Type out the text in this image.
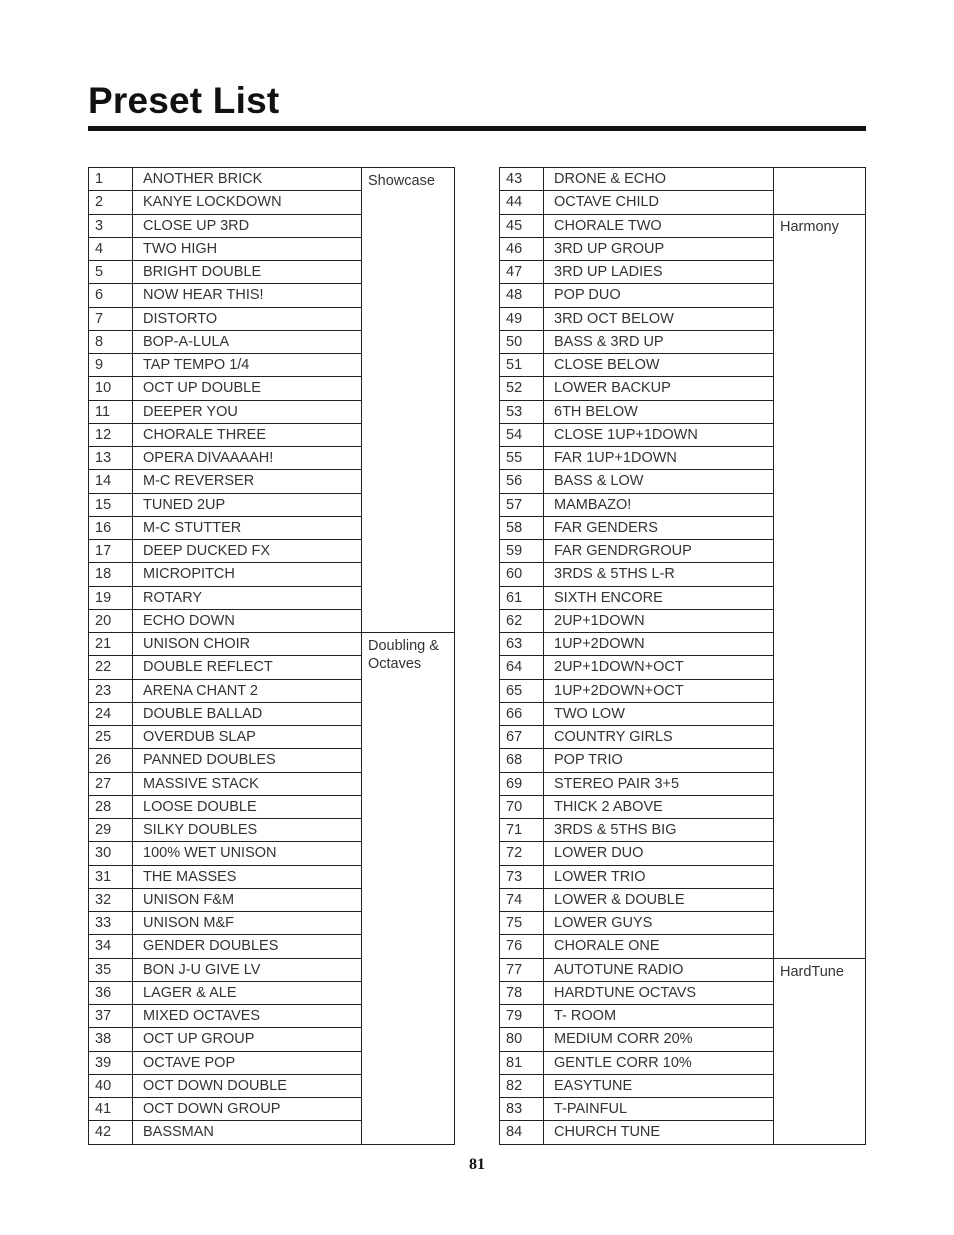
Preset List
1	ANOTHER BRICK	Showcase
2	KANYE LOCKDOWN	
3	CLOSE UP 3RD	
4	TWO HIGH	
5	BRIGHT DOUBLE	
6	NOW HEAR THIS!	
7	DISTORTO	
8	BOP-A-LULA	
9	TAP TEMPO 1/4	
10	OCT UP DOUBLE	
11	DEEPER YOU	
12	CHORALE THREE	
13	OPERA DIVAAAAH!	
14	M-C REVERSER	
15	TUNED 2UP	
16	M-C STUTTER	
17	DEEP DUCKED FX	
18	MICROPITCH	
19	ROTARY	
20	ECHO DOWN	
21	UNISON CHOIR	Doubling & Octaves
22	DOUBLE REFLECT	
23	ARENA CHANT 2	
24	DOUBLE BALLAD	
25	OVERDUB SLAP	
26	PANNED DOUBLES	
27	MASSIVE STACK	
28	LOOSE DOUBLE	
29	SILKY DOUBLES	
30	100% WET UNISON	
31	THE MASSES	
32	UNISON F&M	
33	UNISON M&F	
34	GENDER DOUBLES	
35	BON J-U GIVE LV	
36	LAGER & ALE	
37	MIXED OCTAVES	
38	OCT UP GROUP	
39	OCTAVE POP	
40	OCT DOWN DOUBLE	
41	OCT DOWN GROUP	
42	BASSMAN	
43	DRONE & ECHO	
44	OCTAVE CHILD	
45	CHORALE TWO	Harmony
46	3RD UP GROUP	
47	3RD UP LADIES	
48	POP DUO	
49	3RD OCT BELOW	
50	BASS & 3RD UP	
51	CLOSE BELOW	
52	LOWER BACKUP	
53	6TH BELOW	
54	CLOSE 1UP+1DOWN	
55	FAR 1UP+1DOWN	
56	BASS & LOW	
57	MAMBAZO!	
58	FAR GENDERS	
59	FAR GENDRGROUP	
60	3RDS & 5THS L-R	
61	SIXTH ENCORE	
62	2UP+1DOWN	
63	1UP+2DOWN	
64	2UP+1DOWN+OCT	
65	1UP+2DOWN+OCT	
66	TWO LOW	
67	COUNTRY GIRLS	
68	POP TRIO	
69	STEREO PAIR 3+5	
70	THICK 2 ABOVE	
71	3RDS & 5THS BIG	
72	LOWER DUO	
73	LOWER TRIO	
74	LOWER & DOUBLE	
75	LOWER GUYS	
76	CHORALE ONE	
77	AUTOTUNE RADIO	HardTune
78	HARDTUNE OCTAVS	
79	T- ROOM	
80	MEDIUM CORR 20%	
81	GENTLE CORR 10%	
82	EASYTUNE	
83	T-PAINFUL	
84	CHURCH TUNE	
81
